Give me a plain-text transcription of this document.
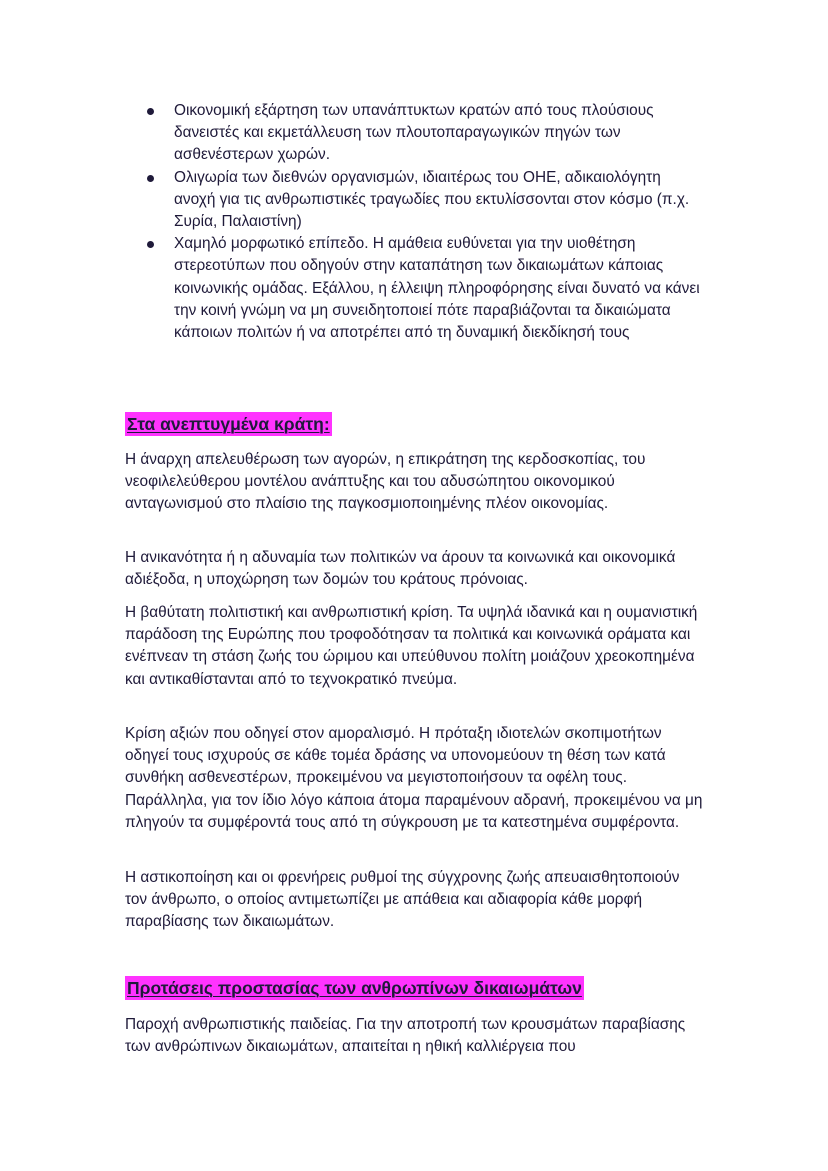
Οικονομική εξάρτηση των υπανάπτυκτων κρατών από τους πλούσιους δανειστές και εκμετάλλευση των πλουτοπαραγωγικών πηγών των ασθενέστερων χωρών.
Ολιγωρία των διεθνών οργανισμών, ιδιαιτέρως του ΟΗΕ, αδικαιολόγητη ανοχή για τις ανθρωπιστικές τραγωδίες που εκτυλίσσονται στον κόσμο (π.χ. Συρία, Παλαιστίνη)
Χαμηλό μορφωτικό επίπεδο. Η αμάθεια ευθύνεται για την υιοθέτηση στερεοτύπων που οδηγούν στην καταπάτηση των δικαιωμάτων κάποιας κοινωνικής ομάδας. Εξάλλου, η έλλειψη πληροφόρησης είναι δυνατό να κάνει την κοινή γνώμη να μη συνειδητοποιεί πότε παραβιάζονται τα δικαιώματα κάποιων πολιτών ή να αποτρέπει από τη δυναμική διεκδίκησή τους
Στα ανεπτυγμένα κράτη:

Η άναρχη απελευθέρωση των αγορών, η επικράτηση της κερδοσκοπίας, του νεοφιλελεύθερου μοντέλου ανάπτυξης και του αδυσώπητου οικονομικού ανταγωνισμού στο πλαίσιο της παγκοσμιοποιημένης πλέον οικονομίας.

Η ανικανότητα ή η αδυναμία των πολιτικών να άρουν τα κοινωνικά και οικονομικά αδιέξοδα, η υποχώρηση των δομών του κράτους πρόνοιας.

Η βαθύτατη πολιτιστική και ανθρωπιστική κρίση. Τα υψηλά ιδανικά και η ουμανιστική παράδοση της Ευρώπης που τροφοδότησαν τα πολιτικά και κοινωνικά οράματα και ενέπνεαν τη στάση ζωής του ώριμου και υπεύθυνου πολίτη μοιάζουν χρεοκοπημένα και αντικαθίστανται από το τεχνοκρατικό πνεύμα.

Κρίση αξιών που οδηγεί στον αμοραλισμό. Η πρόταξη ιδιοτελών σκοπιμοτήτων οδηγεί τους ισχυρούς σε κάθε τομέα δράσης να υπονομεύουν τη θέση των κατά συνθήκη ασθενεστέρων, προκειμένου να μεγιστοποιήσουν τα οφέλη τους. Παράλληλα, για τον ίδιο λόγο κάποια άτομα παραμένουν αδρανή, προκειμένου να μη πληγούν τα συμφέροντά τους από τη σύγκρουση με τα κατεστημένα συμφέροντα.

Η αστικοποίηση και οι φρενήρεις ρυθμοί της σύγχρονης ζωής απευαισθητοποιούν τον άνθρωπο, ο οποίος αντιμετωπίζει με απάθεια και αδιαφορία κάθε μορφή παραβίασης των δικαιωμάτων.

Προτάσεις προστασίας των ανθρωπίνων δικαιωμάτων

Παροχή ανθρωπιστικής παιδείας. Για την αποτροπή των κρουσμάτων παραβίασης των ανθρώπινων δικαιωμάτων, απαιτείται η ηθική καλλιέργεια που
